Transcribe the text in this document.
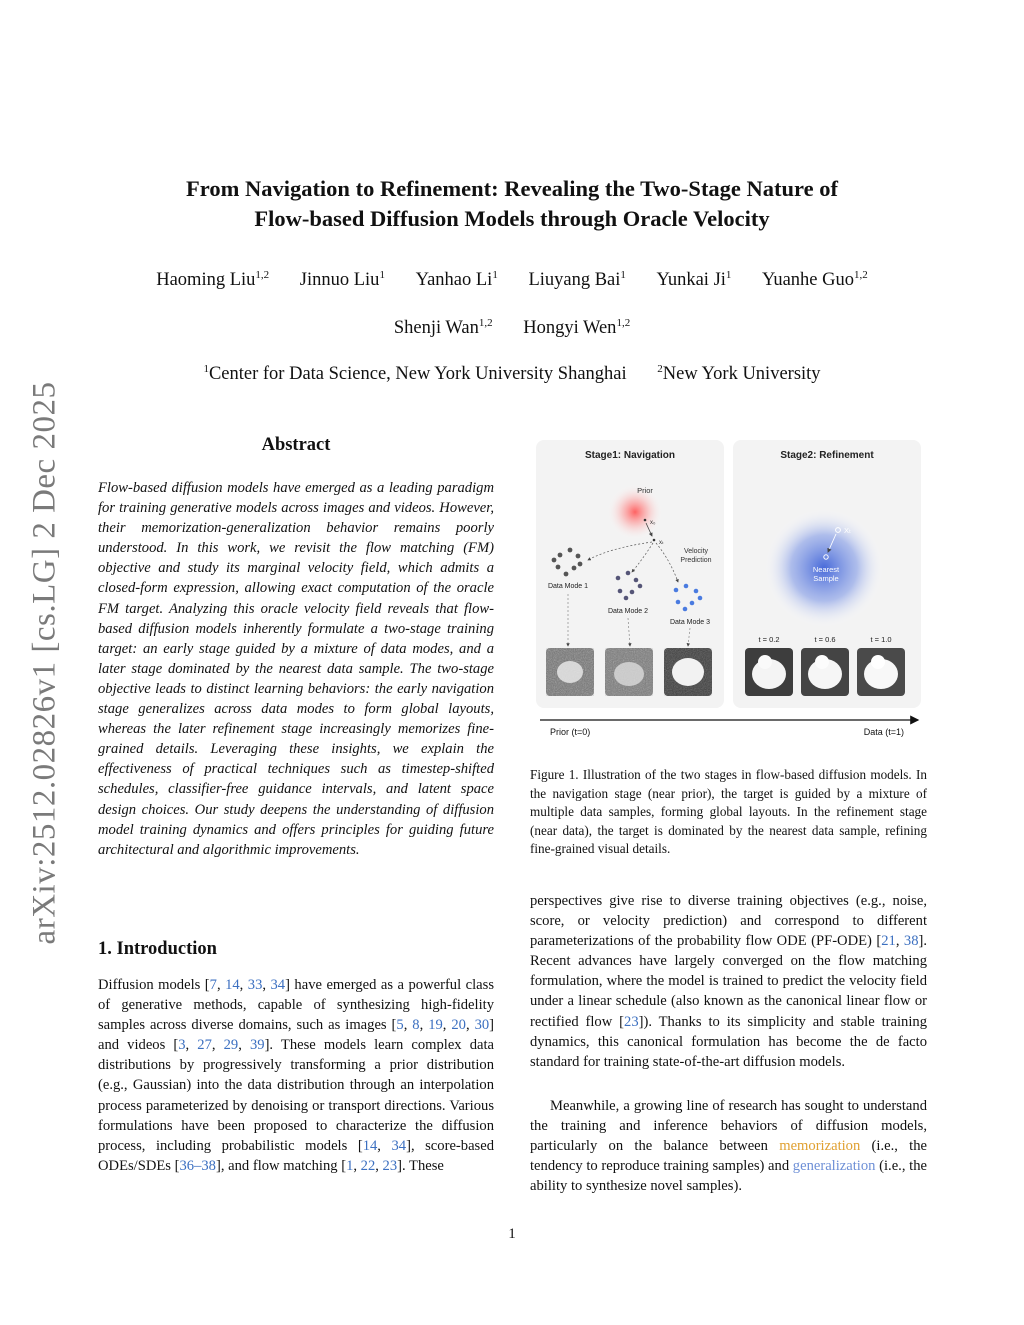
arXiv:2512.02826v1 [cs.LG] 2 Dec 2025
From Navigation to Refinement: Revealing the Two-Stage Nature of
Flow-based Diffusion Models through Oracle Velocity
Haoming Liu$^{1,2}$ Jinnuo Liu$^1$ Yanhao Li$^1$ Liuyang Bai$^1$ Yunkai Ji$^1$ Yuanhe Guo$^{1,2}$
Shenji Wan$^{1,2}$ Hongyi Wen$^{1,2}$
$^1$Center for Data Science, New York University Shanghai	$^2$New York University
Abstract
Flow-based diffusion models have emerged as a leading paradigm for training generative models across images and videos. However, their memorization-generalization behavior remains poorly understood. In this work, we revisit the flow matching (FM) objective and study its marginal velocity field, which admits a closed-form expression, allowing exact computation of the oracle FM target. Analyzing this oracle velocity field reveals that flow-based diffusion models inherently formulate a two-stage training target: an early stage guided by a mixture of data modes, and a later stage dominated by the nearest data sample. The two-stage objective leads to distinct learning behaviors: the early navigation stage generalizes across data modes to form global layouts, whereas the later refinement stage increasingly memorizes fine-grained details. Leveraging these insights, we explain the effectiveness of practical techniques such as timestep-shifted schedules, classifier-free guidance intervals, and latent space design choices. Our study deepens the understanding of diffusion model training dynamics and offers principles for guiding future architectural and algorithmic improvements.
1. Introduction
Diffusion models [7, 14, 33, 34] have emerged as a powerful class of generative methods, capable of synthesizing high-fidelity samples across diverse domains, such as images [5, 8, 19, 20, 30] and videos [3, 27, 29, 39]. These models learn complex data distributions by progressively transforming a prior distribution (e.g., Gaussian) into the data distribution through an interpolation process parameterized by denoising or transport directions. Various formulations have been proposed to characterize the diffusion process, including probabilistic models [14, 34], score-based ODEs/SDEs [36–38], and flow matching [1, 22, 23]. These
Stage1: Navigation	Stage2: Refinement
Prior
x₀
xₜ
Velocity
Prediction
Data Mode 1
Data Mode 2
Data Mode 3
Xₜ
Nearest
Sample
t = 0.2	t = 0.6	t = 1.0
Prior (t=0)	Data (t=1)
Figure 1. Illustration of the two stages in flow-based diffusion models. In the navigation stage (near prior), the target is guided by a mixture of multiple data samples, forming global layouts. In the refinement stage (near data), the target is dominated by the nearest data sample, refining fine-grained visual details.
perspectives give rise to diverse training objectives (e.g., noise, score, or velocity prediction) and correspond to different parameterizations of the probability flow ODE (PF-ODE) [21, 38]. Recent advances have largely converged on the flow matching formulation, where the model is trained to predict the velocity field under a linear schedule (also known as the canonical linear flow or rectified flow [23]). Thanks to its simplicity and stable training dynamics, this canonical formulation has become the de facto standard for training state-of-the-art diffusion models.
Meanwhile, a growing line of research has sought to understand the training and inference behaviors of diffusion models, particularly on the balance between memorization (i.e., the tendency to reproduce training samples) and generalization (i.e., the ability to synthesize novel samples).
1
